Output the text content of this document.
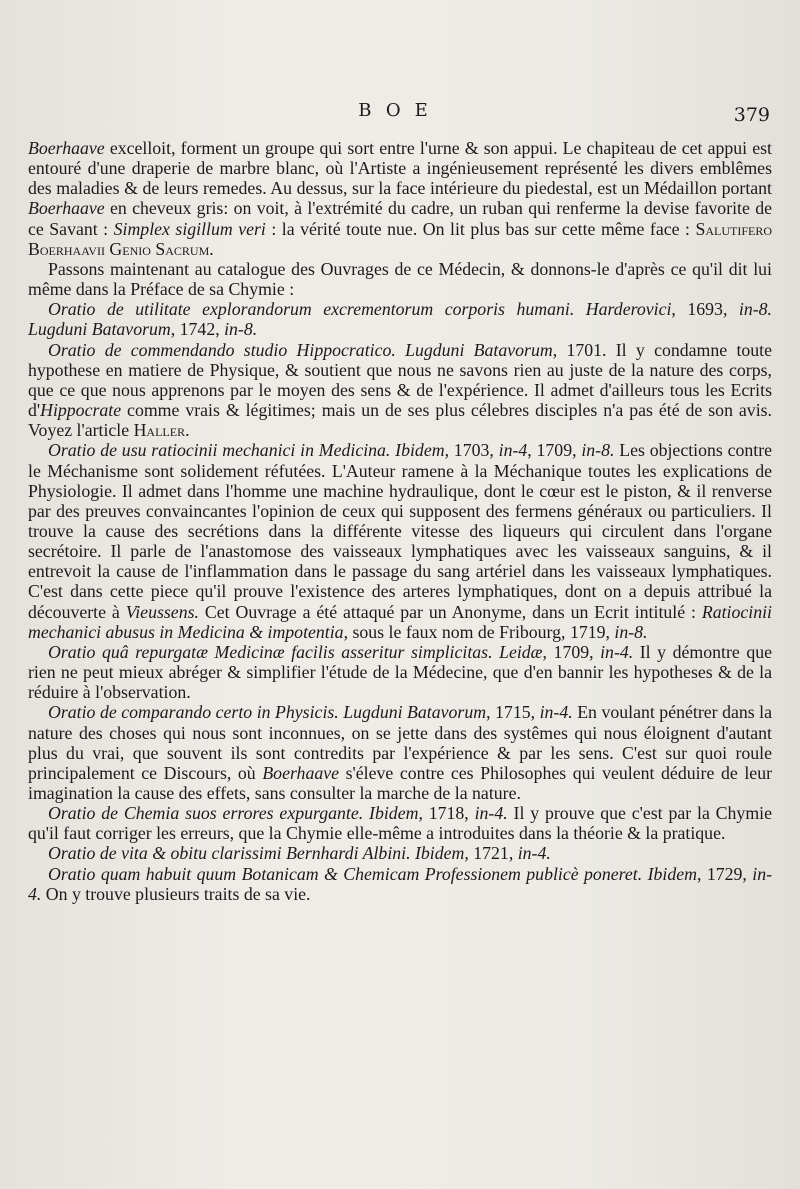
BOE	379

Boerhaave excelloit, forment un groupe qui sort entre l'urne & son appui. Le chapiteau de cet appui est entouré d'une draperie de marbre blanc, où l'Artiste a ingénieusement représenté les divers emblêmes des maladies & de leurs remedes. Au dessus, sur la face intérieure du piedestal, est un Médaillon portant Boerhaave en cheveux gris: on voit, à l'extrémité du cadre, un ruban qui renferme la devise favorite de ce Savant : Simplex sigillum veri : la vérité toute nue. On lit plus bas sur cette même face : Salutifero Boerhaavii Genio Sacrum.

Passons maintenant au catalogue des Ouvrages de ce Médecin, & donnons-le d'après ce qu'il dit lui même dans la Préface de sa Chymie :

Oratio de utilitate explorandorum excrementorum corporis humani. Harderovici, 1693, in-8. Lugduni Batavorum, 1742, in-8.

Oratio de commendando studio Hippocratico. Lugduni Batavorum, 1701. Il y condamne toute hypothese en matiere de Physique, & soutient que nous ne savons rien au juste de la nature des corps, que ce que nous apprenons par le moyen des sens & de l'expérience. Il admet d'ailleurs tous les Ecrits d'Hippocrate comme vrais & légitimes; mais un de ses plus célebres disciples n'a pas été de son avis. Voyez l'article Haller.

Oratio de usu ratiocinii mechanici in Medicina. Ibidem, 1703, in-4, 1709, in-8. Les objections contre le Méchanisme sont solidement réfutées. L'Auteur ramene à la Méchanique toutes les explications de Physiologie. Il admet dans l'homme une machine hydraulique, dont le cœur est le piston, & il renverse par des preuves convaincantes l'opinion de ceux qui supposent des fermens généraux ou particuliers. Il trouve la cause des secrétions dans la différente vitesse des liqueurs qui circulent dans l'organe secrétoire. Il parle de l'anastomose des vaisseaux lymphatiques avec les vaisseaux sanguins, & il entrevoit la cause de l'inflammation dans le passage du sang artériel dans les vaisseaux lymphatiques. C'est dans cette piece qu'il prouve l'existence des arteres lymphatiques, dont on a depuis attribué la découverte à Vieussens. Cet Ouvrage a été attaqué par un Anonyme, dans un Ecrit intitulé : Ratiocinii mechanici abusus in Medicina & impotentia, sous le faux nom de Fribourg, 1719, in-8.

Oratio quâ repurgatæ Medicinæ facilis asseritur simplicitas. Leidæ, 1709, in-4. Il y démontre que rien ne peut mieux abréger & simplifier l'étude de la Médecine, que d'en bannir les hypotheses & de la réduire à l'observation.

Oratio de comparando certo in Physicis. Lugduni Batavorum, 1715, in-4. En voulant pénétrer dans la nature des choses qui nous sont inconnues, on se jette dans des systêmes qui nous éloignent d'autant plus du vrai, que souvent ils sont contredits par l'expérience & par les sens. C'est sur quoi roule principalement ce Discours, où Boerhaave s'éleve contre ces Philosophes qui veulent déduire de leur imagination la cause des effets, sans consulter la marche de la nature.

Oratio de Chemia suos errores expurgante. Ibidem, 1718, in-4. Il y prouve que c'est par la Chymie qu'il faut corriger les erreurs, que la Chymie elle-même a introduites dans la théorie & la pratique.

Oratio de vita & obitu clarissimi Bernhardi Albini. Ibidem, 1721, in-4.

Oratio quam habuit quum Botanicam & Chemicam Professionem publicè poneret. Ibidem, 1729, in-4. On y trouve plusieurs traits de sa vie.
